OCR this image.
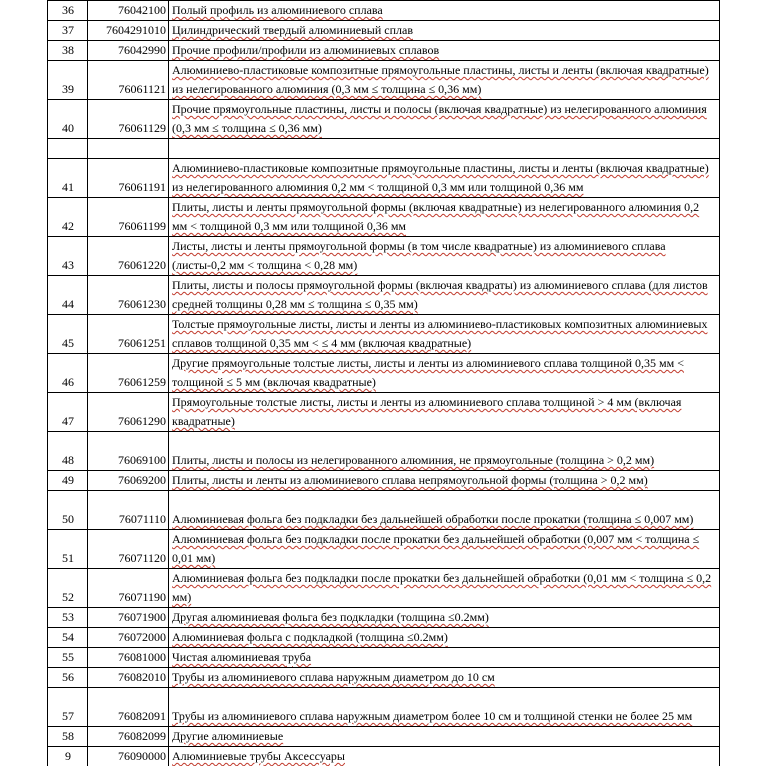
36	76042100	Полый профиль из алюминиевого сплава
37	7604291010	Цилиндрический твердый алюминиевый сплав
38	76042990	Прочие профили/профили из алюминиевых сплавов
39	76061121	Алюминиево-пластиковые композитные прямоугольные пластины, листы и ленты (включая квадратные) из нелегированного алюминия (0,3 мм ≤ толщина ≤ 0,36 мм)
40	76061129	Прочие прямоугольные пластины, листы и полосы (включая квадратные) из нелегированного алюминия (0,3 мм ≤ толщина ≤ 0,36 мм)

41	76061191	Алюминиево-пластиковые композитные прямоугольные пластины, листы и ленты (включая квадратные) из нелегированного алюминия 0,2 мм < толщиной 0,3 мм или толщиной 0,36 мм
42	76061199	Плиты, листы и ленты прямоугольной формы (включая квадратные) из нелегированного алюминия 0,2 мм < толщиной 0,3 мм или толщиной 0,36 мм
43	76061220	Листы, листы и ленты прямоугольной формы (в том числе квадратные) из алюминиевого сплава (листы-0,2 мм < толщина < 0,28 мм)
44	76061230	Плиты, листы и полосы прямоугольной формы (включая квадраты) из алюминиевого сплава (для листов средней толщины 0,28 мм ≤ толщина ≤ 0,35 мм)
45	76061251	Толстые прямоугольные листы, листы и ленты из алюминиево-пластиковых композитных алюминиевых сплавов толщиной 0,35 мм < ≤ 4 мм (включая квадратные)
46	76061259	Другие прямоугольные толстые листы, листы и ленты из алюминиевого сплава толщиной 0,35 мм < толщиной ≤ 5 мм (включая квадратные)
47	76061290	Прямоугольные толстые листы, листы и ленты из алюминиевого сплава толщиной > 4 мм (включая квадратные)
48	76069100	Плиты, листы и полосы из нелегированного алюминия, не прямоугольные (толщина > 0,2 мм)
49	76069200	Плиты, листы и ленты из алюминиевого сплава непрямоугольной формы (толщина > 0,2 мм)
50	76071110	Алюминиевая фольга без подкладки без дальнейшей обработки после прокатки (толщина ≤ 0,007 мм)
51	76071120	Алюминиевая фольга без подкладки после прокатки без дальнейшей обработки (0,007 мм < толщина ≤ 0,01 мм)
52	76071190	Алюминиевая фольга без подкладки после прокатки без дальнейшей обработки (0,01 мм < толщина ≤ 0,2 мм)
53	76071900	Другая алюминиевая фольга без подкладки (толщина ≤0.2мм)
54	76072000	Алюминиевая фольга с подкладкой (толщина ≤0.2мм)
55	76081000	Чистая алюминиевая труба
56	76082010	Трубы из алюминиевого сплава наружным диаметром до 10 см
57	76082091	Трубы из алюминиевого сплава наружным диаметром более 10 см и толщиной стенки не более 25 мм
58	76082099	Другие алюминиевые
9	76090000	Алюминиевые трубы Аксессуары
